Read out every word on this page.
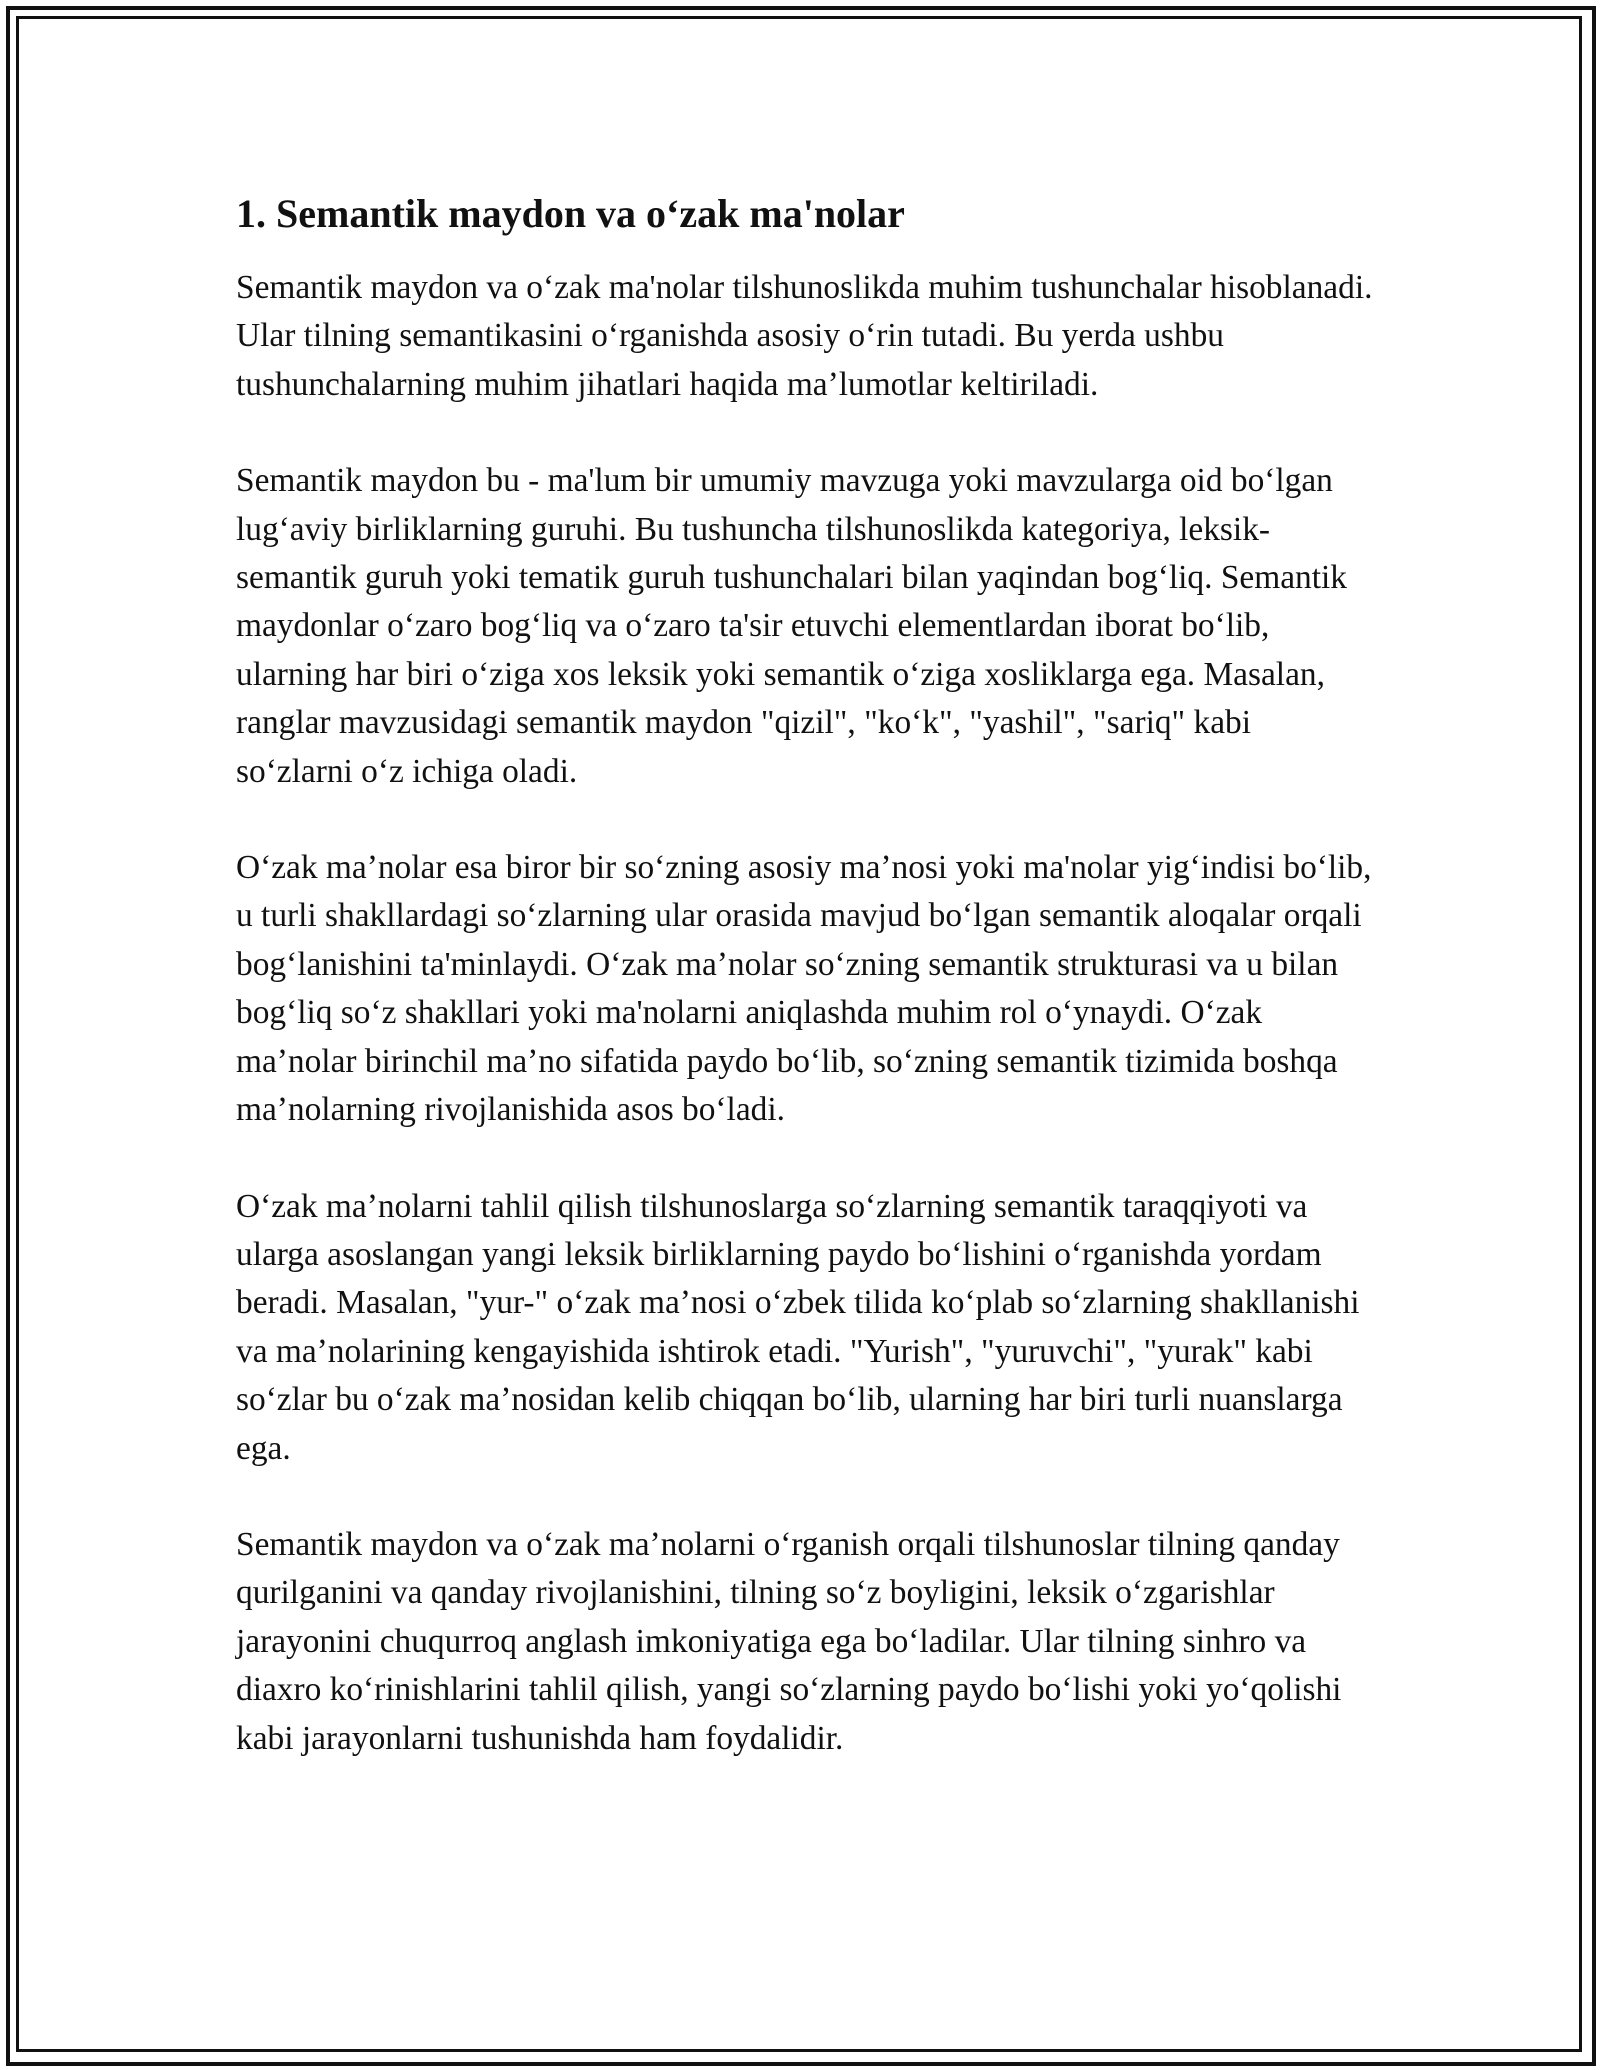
1. Semantik maydon va oʻzak ma'nolar

Semantik maydon va oʻzak ma'nolar tilshunoslikda muhim tushunchalar hisoblanadi. Ular tilning semantikasini oʻrganishda asosiy oʻrin tutadi. Bu yerda ushbu tushunchalarning muhim jihatlari haqida maʼlumotlar keltiriladi.

Semantik maydon bu - ma'lum bir umumiy mavzuga yoki mavzularga oid boʻlgan lugʻaviy birliklarning guruhi. Bu tushuncha tilshunoslikda kategoriya, leksik-semantik guruh yoki tematik guruh tushunchalari bilan yaqindan bogʻliq. Semantik maydonlar oʻzaro bogʻliq va oʻzaro ta'sir etuvchi elementlardan iborat boʻlib, ularning har biri oʻziga xos leksik yoki semantik oʻziga xosliklarga ega. Masalan, ranglar mavzusidagi semantik maydon "qizil", "koʻk", "yashil", "sariq" kabi soʻzlarni oʻz ichiga oladi.

Oʻzak maʼnolar esa biror bir soʻzning asosiy maʼnosi yoki ma'nolar yigʻindisi boʻlib, u turli shakllardagi soʻzlarning ular orasida mavjud boʻlgan semantik aloqalar orqali bogʻlanishini ta'minlaydi. Oʻzak maʼnolar soʻzning semantik strukturasi va u bilan bogʻliq soʻz shakllari yoki ma'nolarni aniqlashda muhim rol oʻynaydi. Oʻzak maʼnolar birinchil maʼno sifatida paydo boʻlib, soʻzning semantik tizimida boshqa maʼnolarning rivojlanishida asos boʻladi.

Oʻzak maʼnolarni tahlil qilish tilshunoslarga soʻzlarning semantik taraqqiyoti va ularga asoslangan yangi leksik birliklarning paydo boʻlishini oʻrganishda yordam beradi. Masalan, "yur-" oʻzak maʼnosi oʻzbek tilida koʻplab soʻzlarning shakllanishi va maʼnolarining kengayishida ishtirok etadi. "Yurish", "yuruvchi", "yurak" kabi soʻzlar bu oʻzak maʼnosidan kelib chiqqan boʻlib, ularning har biri turli nuanslarga ega.

Semantik maydon va oʻzak maʼnolarni oʻrganish orqali tilshunoslar tilning qanday qurilganini va qanday rivojlanishini, tilning soʻz boyligini, leksik oʻzgarishlar jarayonini chuqurroq anglash imkoniyatiga ega boʻladilar. Ular tilning sinhro va diaxro koʻrinishlarini tahlil qilish, yangi soʻzlarning paydo boʻlishi yoki yoʻqolishi kabi jarayonlarni tushunishda ham foydalidir.
